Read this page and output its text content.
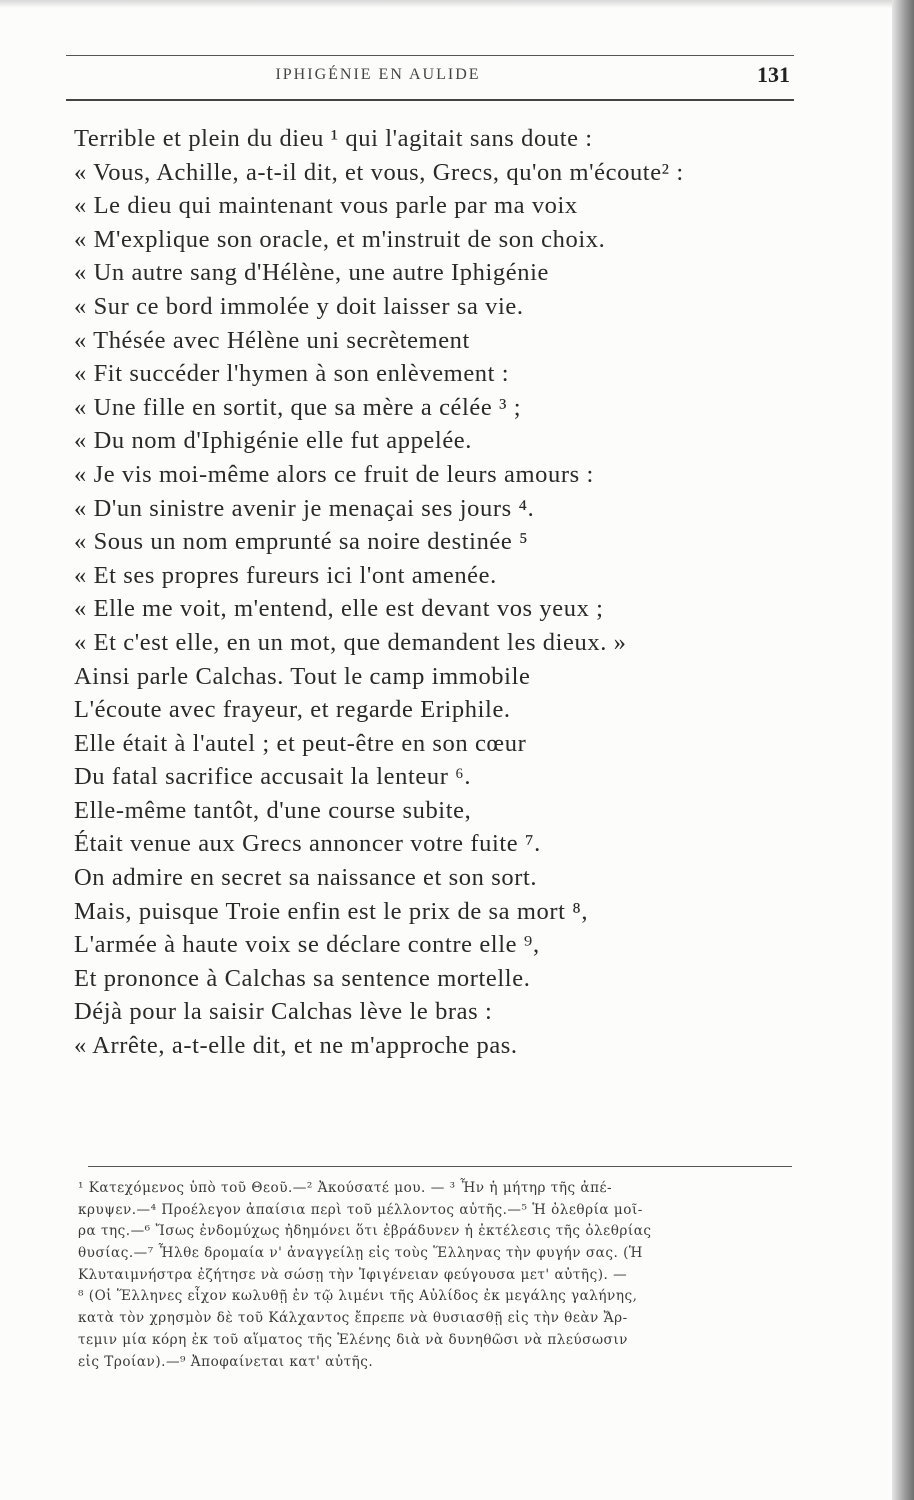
IPHIGÉNIE EN AULIDE	131
Terrible et plein du dieu ¹ qui l'agitait sans doute :
« Vous, Achille, a-t-il dit, et vous, Grecs, qu'on m'écoute² :
« Le dieu qui maintenant vous parle par ma voix
« M'explique son oracle, et m'instruit de son choix.
« Un autre sang d'Hélène, une autre Iphigénie
« Sur ce bord immolée y doit laisser sa vie.
« Thésée avec Hélène uni secrètement
« Fit succéder l'hymen à son enlèvement :
« Une fille en sortit, que sa mère a célée ³ ;
« Du nom d'Iphigénie elle fut appelée.
« Je vis moi-même alors ce fruit de leurs amours :
« D'un sinistre avenir je menaçai ses jours ⁴.
« Sous un nom emprunté sa noire destinée ⁵
« Et ses propres fureurs ici l'ont amenée.
« Elle me voit, m'entend, elle est devant vos yeux ;
« Et c'est elle, en un mot, que demandent les dieux. »
Ainsi parle Calchas. Tout le camp immobile
L'écoute avec frayeur, et regarde Eriphile.
Elle était à l'autel ; et peut-être en son cœur
Du fatal sacrifice accusait la lenteur ⁶.
Elle-même tantôt, d'une course subite,
Était venue aux Grecs annoncer votre fuite ⁷.
On admire en secret sa naissance et son sort.
Mais, puisque Troie enfin est le prix de sa mort ⁸,
L'armée à haute voix se déclare contre elle ⁹,
Et prononce à Calchas sa sentence mortelle.
Déjà pour la saisir Calchas lève le bras :
« Arrête, a-t-elle dit, et ne m'approche pas.
¹ Κατεχόμενος ὑπὸ τοῦ Θεοῦ.—² Ἀκούσατέ μου. — ³ Ἦν ἡ μήτηρ τῆς ἀπέ-
κρυψεν.—⁴ Προέλεγον ἀπαίσια περὶ τοῦ μέλλοντος αὐτῆς.—⁵ Ἡ ὀλεθρία μοῖ-
ρα της.—⁶ Ἴσως ἐνδομύχως ἠδημόνει ὅτι ἐβράδυνεν ἡ ἐκτέλεσις τῆς ὀλεθρίας
θυσίας.—⁷ Ἦλθε δρομαία ν' ἀναγγείλῃ εἰς τοὺς Ἕλληνας τὴν φυγήν σας. (Ἡ
Κλυταιμνήστρα ἐζήτησε νὰ σώσῃ τὴν Ἰφιγένειαν φεύγουσα μετ' αὐτῆς). —
⁸ (Οἱ Ἕλληνες εἶχον κωλυθῇ ἐν τῷ λιμένι τῆς Αὐλίδος ἐκ μεγάλης γαλήνης,
κατὰ τὸν χρησμὸν δὲ τοῦ Κάλχαντος ἔπρεπε νὰ θυσιασθῇ εἰς τὴν θεὰν Ἄρ-
τεμιν μία κόρη ἐκ τοῦ αἵματος τῆς Ἑλένης διὰ νὰ δυνηθῶσι νὰ πλεύσωσιν
εἰς Τροίαν).—⁹ Ἀποφαίνεται κατ' αὐτῆς.
